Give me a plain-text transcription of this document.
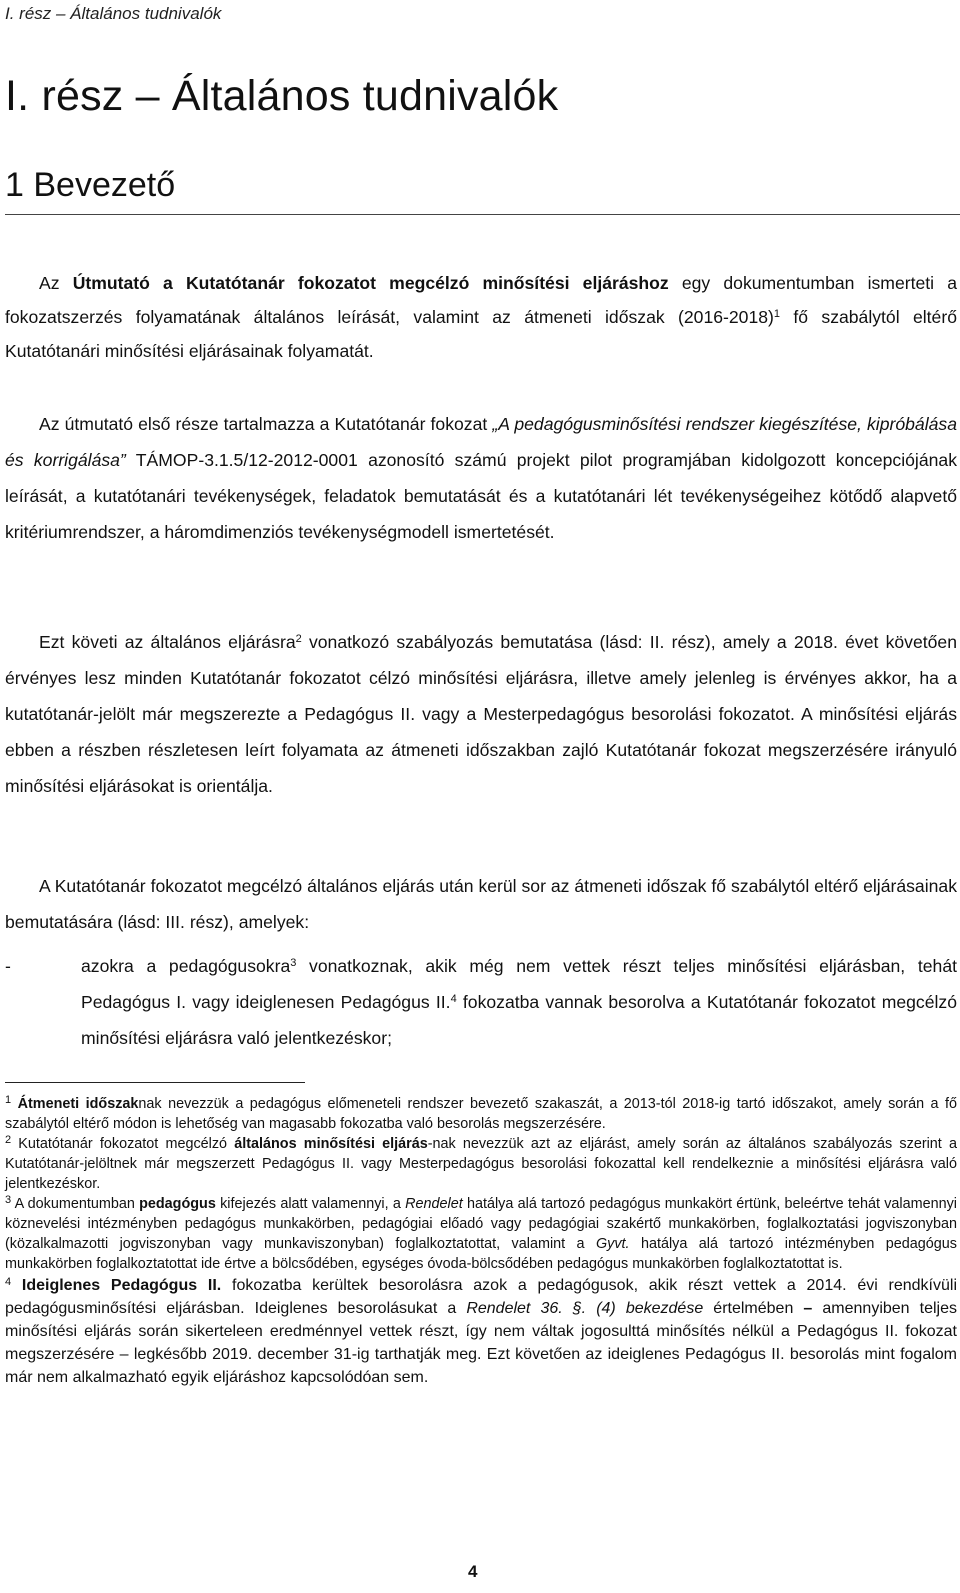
I. rész – Általános tudnivalók
I. rész – Általános tudnivalók
1 Bevezető

Az Útmutató a Kutatótanár fokozatot megcélzó minősítési eljáráshoz egy dokumentumban ismerteti a fokozatszerzés folyamatának általános leírását, valamint az átmeneti időszak (2016-2018)$^1$ fő szabálytól eltérő Kutatótanári minősítési eljárásainak folyamatát.

Az útmutató első része tartalmazza a Kutatótanár fokozat „A pedagógusminősítési rendszer kiegészítése, kipróbálása és korrigálása” TÁMOP-3.1.5/12-2012-0001 azonosító számú projekt pilot programjában kidolgozott koncepciójának leírását, a kutatótanári tevékenységek, feladatok bemutatását és a kutatótanári lét tevékenységeihez kötődő alapvető kritériumrendszer, a háromdimenziós tevékenységmodell ismertetését.

Ezt követi az általános eljárásra$^2$ vonatkozó szabályozás bemutatása (lásd: II. rész), amely a 2018. évet követően érvényes lesz minden Kutatótanár fokozatot célzó minősítési eljárásra, illetve amely jelenleg is érvényes akkor, ha a kutatótanár-jelölt már megszerezte a Pedagógus II. vagy a Mesterpedagógus besorolási fokozatot. A minősítési eljárás ebben a részben részletesen leírt folyamata az átmeneti időszakban zajló Kutatótanár fokozat megszerzésére irányuló minősítési eljárásokat is orientálja.

A Kutatótanár fokozatot megcélzó általános eljárás után kerül sor az átmeneti időszak fő szabálytól eltérő eljárásainak bemutatására (lásd: III. rész), amelyek:

-	azokra a pedagógusokra$^3$ vonatkoznak, akik még nem vettek részt teljes minősítési eljárásban, tehát Pedagógus I. vagy ideiglenesen Pedagógus II.$^4$ fokozatba vannak besorolva a Kutatótanár fokozatot megcélzó minősítési eljárásra való jelentkezéskor;

$^1$ Átmeneti időszaknak nevezzük a pedagógus előmeneteli rendszer bevezető szakaszát, a 2013-tól 2018-ig tartó időszakot, amely során a fő szabálytól eltérő módon is lehetőség van magasabb fokozatba való besorolás megszerzésére.

$^2$ Kutatótanár fokozatot megcélzó általános minősítési eljárás-nak nevezzük azt az eljárást, amely során az általános szabályozás szerint a Kutatótanár-jelöltnek már megszerzett Pedagógus II. vagy Mesterpedagógus besorolási fokozattal kell rendelkeznie a minősítési eljárásra való jelentkezéskor.

$^3$ A dokumentumban pedagógus kifejezés alatt valamennyi, a Rendelet hatálya alá tartozó pedagógus munkakört értünk, beleértve tehát valamennyi köznevelési intézményben pedagógus munkakörben, pedagógiai előadó vagy pedagógiai szakértő munkakörben, foglalkoztatási jogviszonyban (közalkalmazotti jogviszonyban vagy munkaviszonyban) foglalkoztatottat, valamint a Gyvt. hatálya alá tartozó intézményben pedagógus munkakörben foglalkoztatottat ide értve a bölcsődében, egységes óvoda-bölcsődében pedagógus munkakörben foglalkoztatottat is.

$^4$ Ideiglenes Pedagógus II. fokozatba kerültek besorolásra azok a pedagógusok, akik részt vettek a 2014. évi rendkívüli pedagógusminősítési eljárásban. Ideiglenes besorolásukat a Rendelet 36. §. (4) bekezdése értelmében – amennyiben teljes minősítési eljárás során sikerteleen eredménnyel vettek részt, így nem váltak jogosulttá minősítés nélkül a Pedagógus II. fokozat megszerzésére – legkésőbb 2019. december 31-ig tarthatják meg. Ezt követően az ideiglenes Pedagógus II. besorolás mint fogalom már nem alkalmazható egyik eljáráshoz kapcsolódóan sem.

4
